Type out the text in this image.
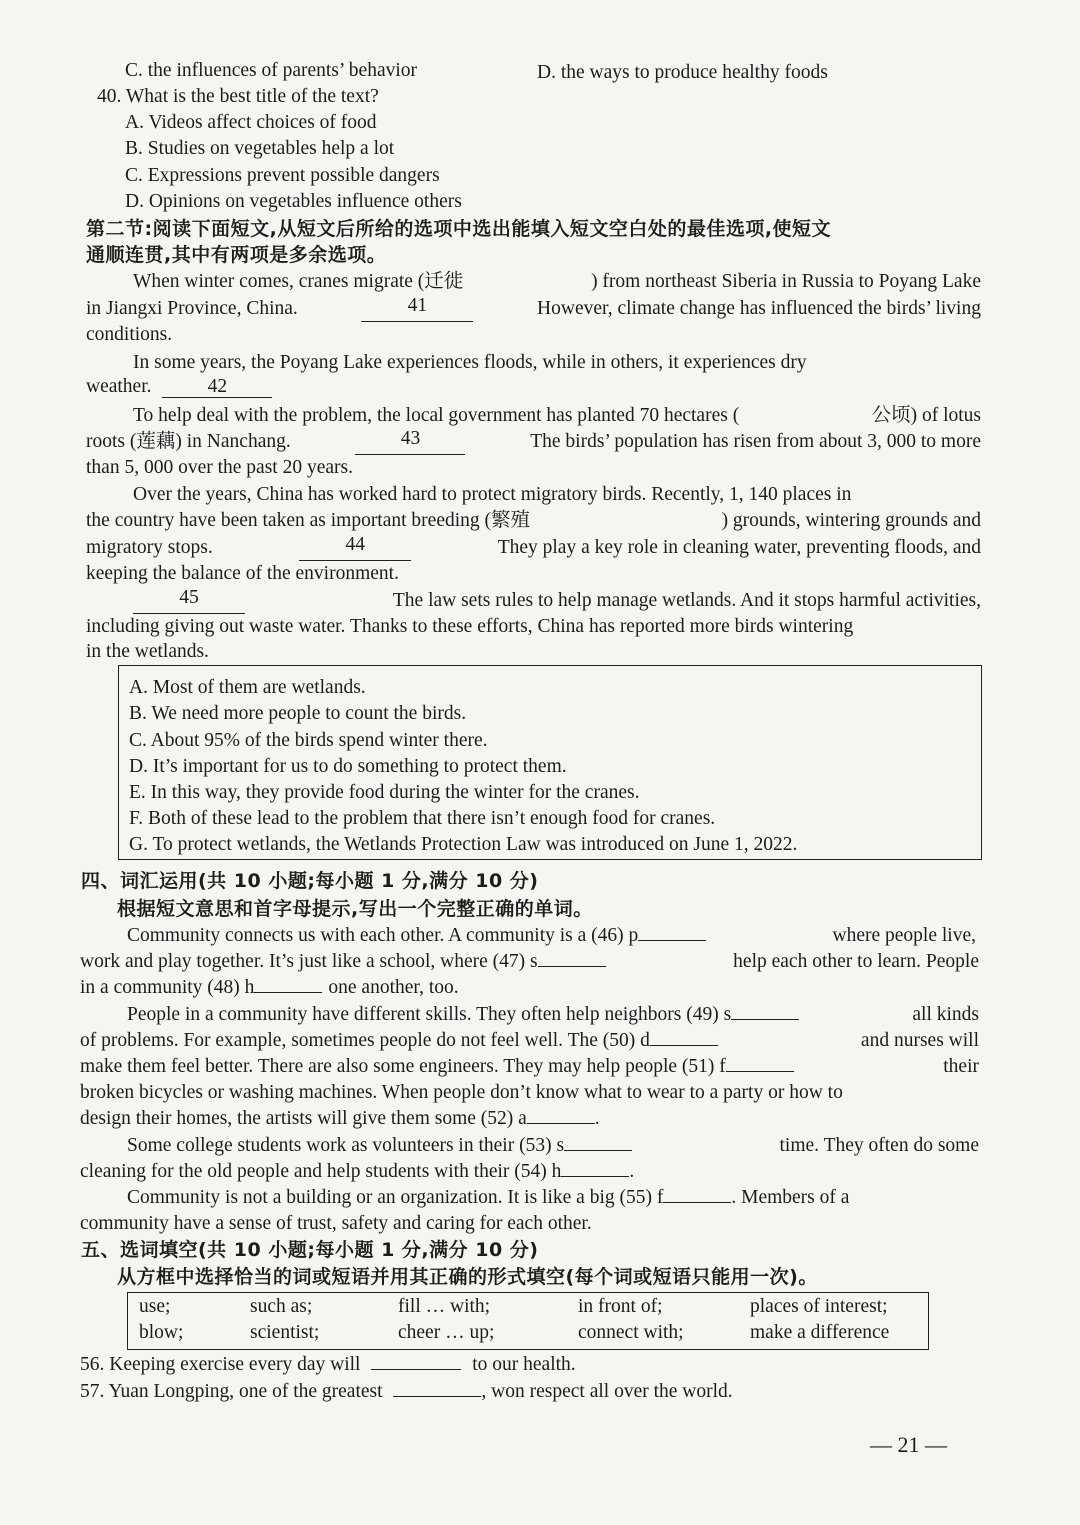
C. the influences of parents’ behavior	D. the ways to produce healthy foods
40. What is the best title of the text?
A. Videos affect choices of food
B. Studies on vegetables help a lot
C. Expressions prevent possible dangers
D. Opinions on vegetables influence others
第二节:阅读下面短文,从短文后所给的选项中选出能填入短文空白处的最佳选项,使短文
通顺连贯,其中有两项是多余选项。
When winter comes, cranes migrate (迁徙	) from northeast Siberia in Russia to Poyang Lake
in Jiangxi Province, China.	41	However, climate change has influenced the birds’ living
conditions.
In some years, the Poyang Lake experiences floods, while in others, it experiences dry
weather.	42
To help deal with the problem, the local government has planted 70 hectares (	公顷) of lotus
roots (莲藕) in Nanchang.	43	The birds’ population has risen from about 3, 000 to more
than 5, 000 over the past 20 years.
Over the years, China has worked hard to protect migratory birds. Recently, 1, 140 places in
the country have been taken as important breeding (繁殖	) grounds, wintering grounds and
migratory stops.	44	They play a key role in cleaning water, preventing floods, and
keeping the balance of the environment.
45	The law sets rules to help manage wetlands. And it stops harmful activities,
including giving out waste water. Thanks to these efforts, China has reported more birds wintering
in the wetlands.
A. Most of them are wetlands.
B. We need more people to count the birds.
C. About 95% of the birds spend winter there.
D. It’s important for us to do something to protect them.
E. In this way, they provide food during the winter for the cranes.
F. Both of these lead to the problem that there isn’t enough food for cranes.
G. To protect wetlands, the Wetlands Protection Law was introduced on June 1, 2022.
四、词汇运用(共 10 小题;每小题 1 分,满分 10 分)
根据短文意思和首字母提示,写出一个完整正确的单词。
Community connects us with each other. A community is a (46) p	where people live,
work and play together. It’s just like a school, where (47) s	help each other to learn. People
in a community (48) h	one another, too.
People in a community have different skills. They often help neighbors (49) s	all kinds
of problems. For example, sometimes people do not feel well. The (50) d	and nurses will
make them feel better. There are also some engineers. They may help people (51) f	their
broken bicycles or washing machines. When people don’t know what to wear to a party or how to
design their homes, the artists will give them some (52) a	.
Some college students work as volunteers in their (53) s	time. They often do some
cleaning for the old people and help students with their (54) h	.
Community is not a building or an organization. It is like a big (55) f	. Members of a
community have a sense of trust, safety and caring for each other.
五、选词填空(共 10 小题;每小题 1 分,满分 10 分)
从方框中选择恰当的词或短语并用其正确的形式填空(每个词或短语只能用一次)。
use;	such as;	fill … with;	in front of;	places of interest;
blow;	scientist;	cheer … up;	connect with;	make a difference
56. Keeping exercise every day will	to our health.
57. Yuan Longping, one of the greatest	, won respect all over the world.
— 21 —
